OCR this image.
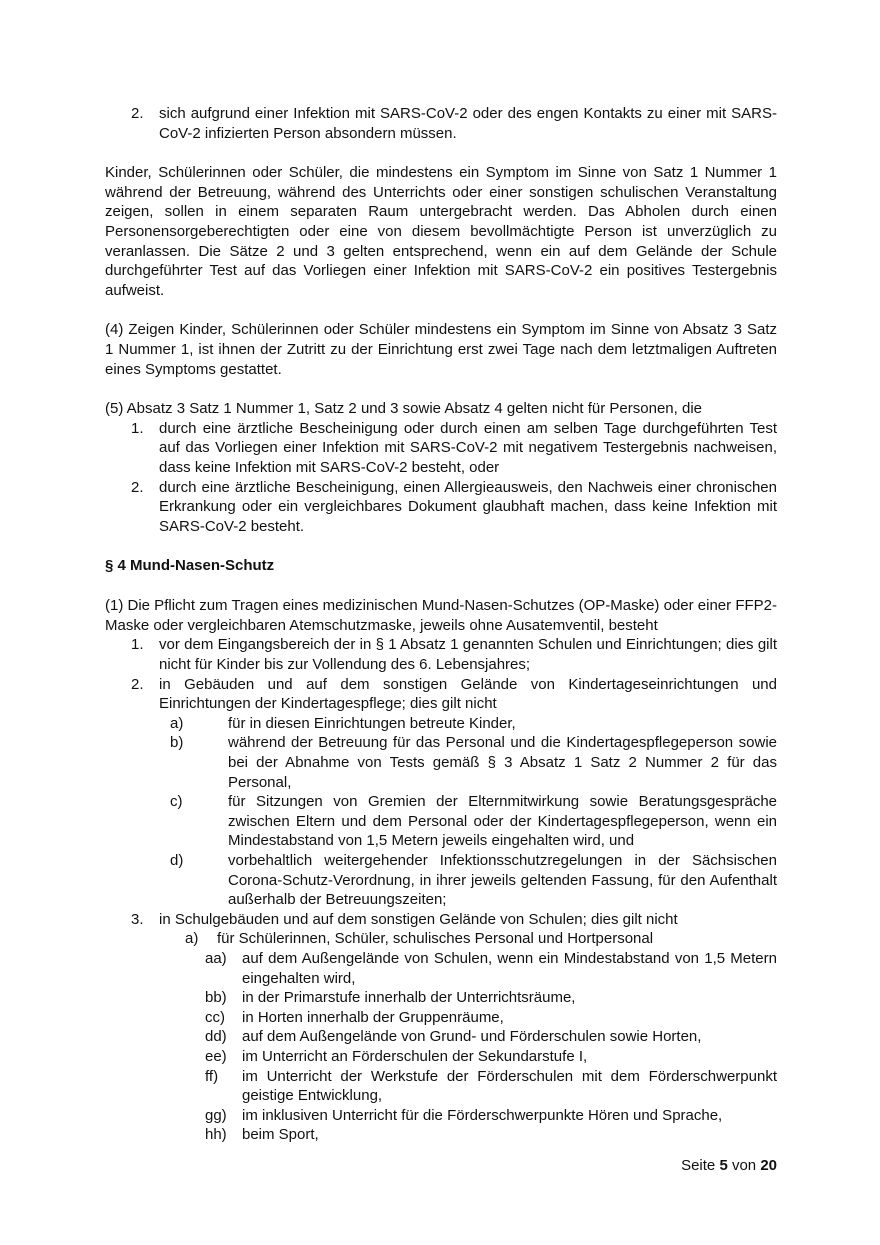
2.	sich aufgrund einer Infektion mit SARS-CoV-2 oder des engen Kontakts zu einer mit SARS-CoV-2 infizierten Person absondern müssen.

Kinder, Schülerinnen oder Schüler, die mindestens ein Symptom im Sinne von Satz 1 Nummer 1 während der Betreuung, während des Unterrichts oder einer sonstigen schulischen Veranstaltung zeigen, sollen in einem separaten Raum untergebracht werden. Das Abholen durch einen Personensorgeberechtigten oder eine von diesem bevollmächtigte Person ist unverzüglich zu veranlassen. Die Sätze 2 und 3 gelten entsprechend, wenn ein auf dem Gelände der Schule durchgeführter Test auf das Vorliegen einer Infektion mit SARS-CoV-2 ein positives Testergebnis aufweist.

(4) Zeigen Kinder, Schülerinnen oder Schüler mindestens ein Symptom im Sinne von Absatz 3 Satz 1 Nummer 1, ist ihnen der Zutritt zu der Einrichtung erst zwei Tage nach dem letztmaligen Auftreten eines Symptoms gestattet.

(5) Absatz 3 Satz 1 Nummer 1, Satz 2 und 3 sowie Absatz 4 gelten nicht für Personen, die

1.	durch eine ärztliche Bescheinigung oder durch einen am selben Tage durchgeführten Test auf das Vorliegen einer Infektion mit SARS-CoV-2 mit negativem Testergebnis nachweisen, dass keine Infektion mit SARS-CoV-2 besteht, oder
2.	durch eine ärztliche Bescheinigung, einen Allergieausweis, den Nachweis einer chronischen Erkrankung oder ein vergleichbares Dokument glaubhaft machen, dass keine Infektion mit SARS-CoV-2 besteht.
§ 4 Mund-Nasen-Schutz

(1) Die Pflicht zum Tragen eines medizinischen Mund-Nasen-Schutzes (OP-Maske) oder einer FFP2-Maske oder vergleichbaren Atemschutzmaske, jeweils ohne Ausatemventil, besteht

1.	vor dem Eingangsbereich der in § 1 Absatz 1 genannten Schulen und Einrichtungen; dies gilt nicht für Kinder bis zur Vollendung des 6. Lebensjahres;
2.	in Gebäuden und auf dem sonstigen Gelände von Kindertageseinrichtungen und Einrichtungen der Kindertagespflege; dies gilt nicht
a)	für in diesen Einrichtungen betreute Kinder,
b)	während der Betreuung für das Personal und die Kindertagespflegeperson sowie bei der Abnahme von Tests gemäß § 3 Absatz 1 Satz 2 Nummer 2 für das Personal,
c)	für Sitzungen von Gremien der Elternmitwirkung sowie Beratungsgespräche zwischen Eltern und dem Personal oder der Kindertagespflegeperson, wenn ein Mindestabstand von 1,5 Metern jeweils eingehalten wird, und
d)	vorbehaltlich weitergehender Infektionsschutzregelungen in der Sächsischen Corona-Schutz-Verordnung, in ihrer jeweils geltenden Fassung, für den Aufenthalt außerhalb der Betreuungszeiten;
3.	in Schulgebäuden und auf dem sonstigen Gelände von Schulen; dies gilt nicht
a)	für Schülerinnen, Schüler, schulisches Personal und Hortpersonal
aa)	auf dem Außengelände von Schulen, wenn ein Mindestabstand von 1,5 Metern eingehalten wird,
bb)	in der Primarstufe innerhalb der Unterrichtsräume,
cc)	in Horten innerhalb der Gruppenräume,
dd)	auf dem Außengelände von Grund- und Förderschulen sowie Horten,
ee)	im Unterricht an Förderschulen der Sekundarstufe I,
ff)	im Unterricht der Werkstufe der Förderschulen mit dem Förderschwerpunkt geistige Entwicklung,
gg)	im inklusiven Unterricht für die Förderschwerpunkte Hören und Sprache,
hh)	beim Sport,
Seite 5 von 20
